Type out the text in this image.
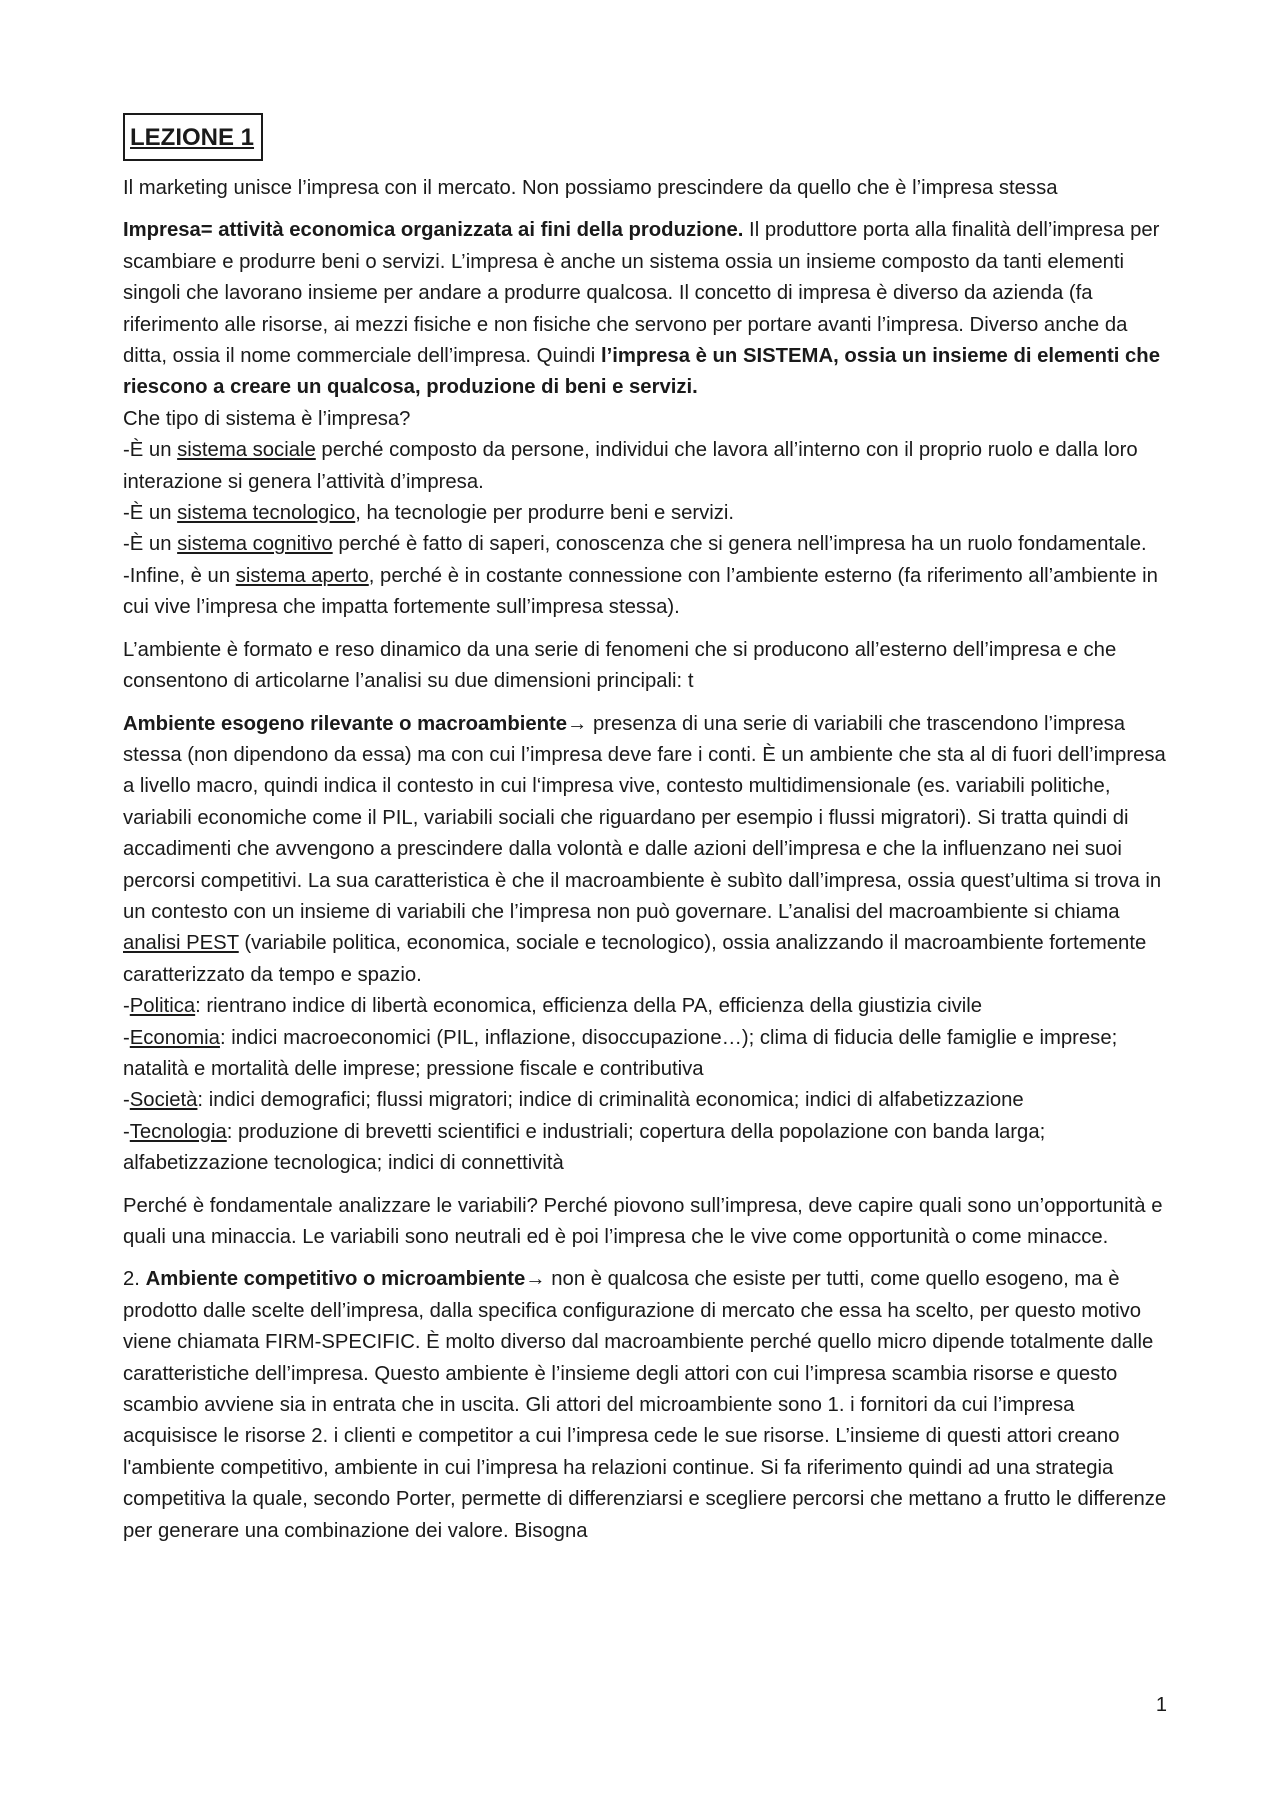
LEZIONE 1

Il marketing unisce l’impresa con il mercato. Non possiamo prescindere da quello che è l’impresa stessa

Impresa= attività economica organizzata ai fini della produzione. Il produttore porta alla finalità dell’impresa per scambiare e produrre beni o servizi. L’impresa è anche un sistema ossia un insieme composto da tanti elementi singoli che lavorano insieme per andare a produrre qualcosa. Il concetto di impresa è diverso da azienda (fa riferimento alle risorse, ai mezzi fisiche e non fisiche che servono per portare avanti l’impresa. Diverso anche da ditta, ossia il nome commerciale dell’impresa. Quindi l’impresa è un SISTEMA, ossia un insieme di elementi che riescono a creare un qualcosa, produzione di beni e servizi.
Che tipo di sistema è l’impresa?
-È un sistema sociale perché composto da persone, individui che lavora all’interno con il proprio ruolo e dalla loro interazione si genera l’attività d’impresa.
-È un sistema tecnologico, ha tecnologie per produrre beni e servizi.
-È un sistema cognitivo perché è fatto di saperi, conoscenza che si genera nell’impresa ha un ruolo fondamentale.
-Infine, è un sistema aperto, perché è in costante connessione con l’ambiente esterno (fa riferimento all’ambiente in cui vive l’impresa che impatta fortemente sull’impresa stessa).

L’ambiente è formato e reso dinamico da una serie di fenomeni che si producono all’esterno dell’impresa e che consentono di articolarne l’analisi su due dimensioni principali: t

Ambiente esogeno rilevante o macroambiente→ presenza di una serie di variabili che trascendono l’impresa stessa (non dipendono da essa) ma con cui l’impresa deve fare i conti. È un ambiente che sta al di fuori dell’impresa a livello macro, quindi indica il contesto in cui l‘impresa vive, contesto multidimensionale (es. variabili politiche, variabili economiche come il PIL, variabili sociali che riguardano per esempio i flussi migratori). Si tratta quindi di accadimenti che avvengono a prescindere dalla volontà e dalle azioni dell’impresa e che la influenzano nei suoi percorsi competitivi. La sua caratteristica è che il macroambiente è subìto dall’impresa, ossia quest’ultima si trova in un contesto con un insieme di variabili che l’impresa non può governare. L’analisi del macroambiente si chiama analisi PEST (variabile politica, economica, sociale e tecnologico), ossia analizzando il macroambiente fortemente caratterizzato da tempo e spazio.
-Politica: rientrano indice di libertà economica, efficienza della PA, efficienza della giustizia civile
-Economia: indici macroeconomici (PIL, inflazione, disoccupazione…); clima di fiducia delle famiglie e imprese; natalità e mortalità delle imprese; pressione fiscale e contributiva
-Società: indici demografici; flussi migratori; indice di criminalità economica; indici di alfabetizzazione
-Tecnologia: produzione di brevetti scientifici e industriali; copertura della popolazione con banda larga; alfabetizzazione tecnologica; indici di connettività

Perché è fondamentale analizzare le variabili? Perché piovono sull’impresa, deve capire quali sono un’opportunità e quali una minaccia. Le variabili sono neutrali ed è poi l’impresa che le vive come opportunità o come minacce.

2. Ambiente competitivo o microambiente→ non è qualcosa che esiste per tutti, come quello esogeno, ma è prodotto dalle scelte dell’impresa, dalla specifica configurazione di mercato che essa ha scelto, per questo motivo viene chiamata FIRM-SPECIFIC. È molto diverso dal macroambiente perché quello micro dipende totalmente dalle caratteristiche dell’impresa. Questo ambiente è l’insieme degli attori con cui l’impresa scambia risorse e questo scambio avviene sia in entrata che in uscita. Gli attori del microambiente sono 1. i fornitori da cui l’impresa acquisisce le risorse 2. i clienti e competitor a cui l’impresa cede le sue risorse. L’insieme di questi attori creano l'ambiente competitivo, ambiente in cui l’impresa ha relazioni continue. Si fa riferimento quindi ad una strategia competitiva la quale, secondo Porter, permette di differenziarsi e scegliere percorsi che mettano a frutto le differenze per generare una combinazione dei valore. Bisogna

1
